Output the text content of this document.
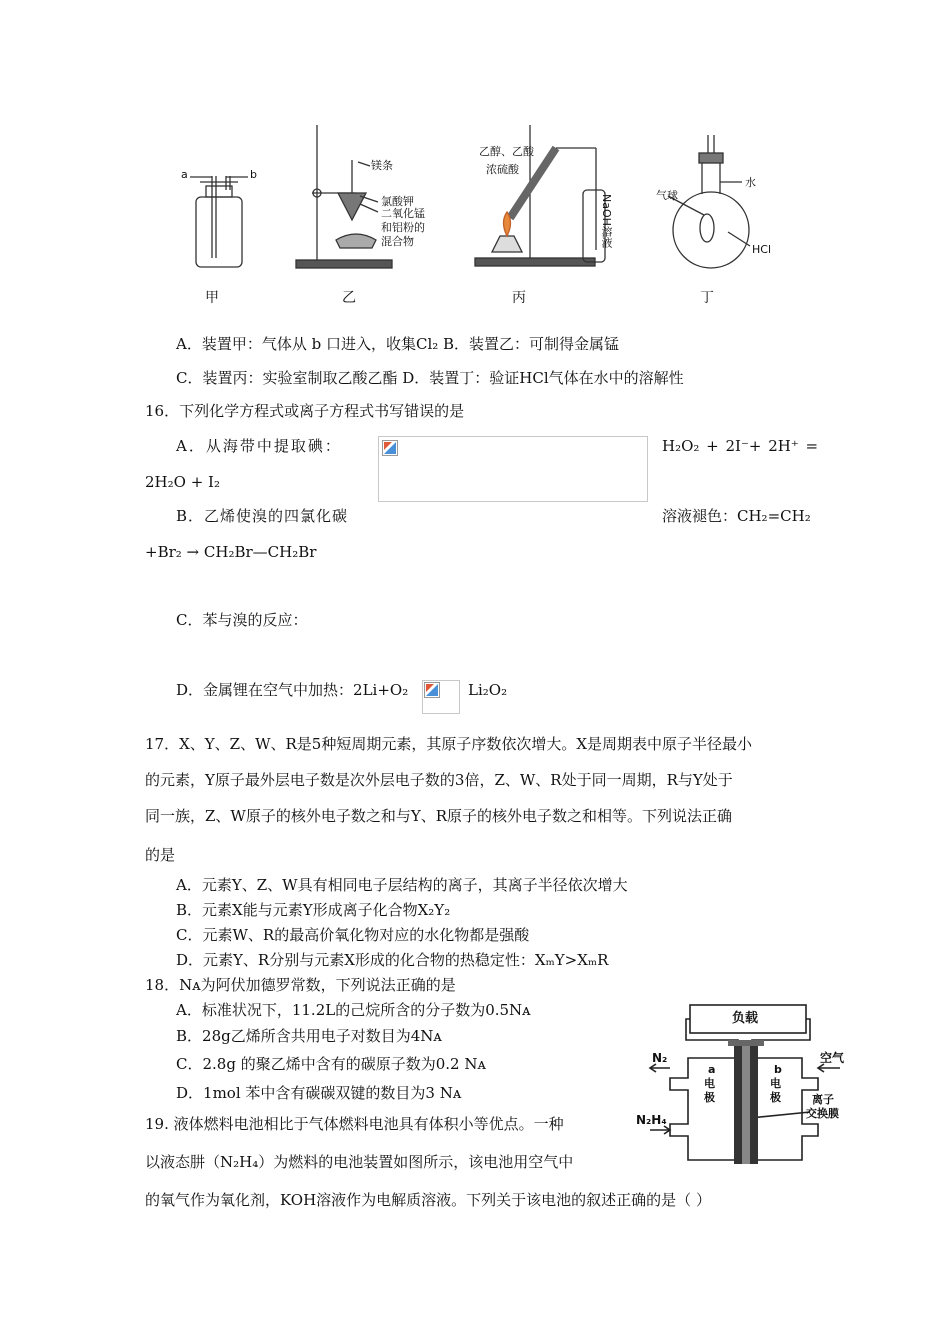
a	b
镁条
氯酸钾
二氧化锰
和铝粉的
混合物
乙醇、乙酸
浓硫酸
NaOH溶液	气球
水
HCl
甲	乙	丙	丁
A．装置甲：气体从 b 口进入，收集Cl₂ B．装置乙：可制得金属锰
C．装置丙：实验室制取乙酸乙酯 D．装置丁：验证HCl气体在水中的溶解性
16．下列化学方程式或离子方程式书写错误的是
A．从海带中提取碘：	H₂O₂ + 2I⁻+ 2H⁺ =
2H₂O + I₂
B．乙烯使溴的四氯化碳	溶液褪色：CH₂=CH₂
+Br₂ → CH₂Br—CH₂Br
C．苯与溴的反应：
D．金属锂在空气中加热：2Li+O₂	Li₂O₂
17．X、Y、Z、W、R是5种短周期元素，其原子序数依次增大。X是周期表中原子半径最小
的元素，Y原子最外层电子数是次外层电子数的3倍，Z、W、R处于同一周期，R与Y处于
同一族，Z、W原子的核外电子数之和与Y、R原子的核外电子数之和相等。下列说法正确
的是
A．元素Y、Z、W具有相同电子层结构的离子，其离子半径依次增大
B．元素X能与元素Y形成离子化合物X₂Y₂
C．元素W、R的最高价氧化物对应的水化物都是强酸
D．元素Y、R分别与元素X形成的化合物的热稳定性：XₘY>XₘR
18．Nᴀ为阿伏加德罗常数，下列说法正确的是
A．标准状况下，11.2L的己烷所含的分子数为0.5Nᴀ
B．28g乙烯所含共用电子对数目为4Nᴀ
C．2.8g 的聚乙烯中含有的碳原子数为0.2 Nᴀ
D．1mol 苯中含有碳碳双键的数目为3 Nᴀ
19. 液体燃料电池相比于气体燃料电池具有体积小等优点。一种
以液态肼（N₂H₄）为燃料的电池装置如图所示，该电池用空气中
的氧气作为氧化剂，KOH溶液作为电解质溶液。下列关于该电池的叙述正确的是（ ）
负载
N₂
N₂H₄
空气
a
电
极
b
电
极	离子
交换膜
